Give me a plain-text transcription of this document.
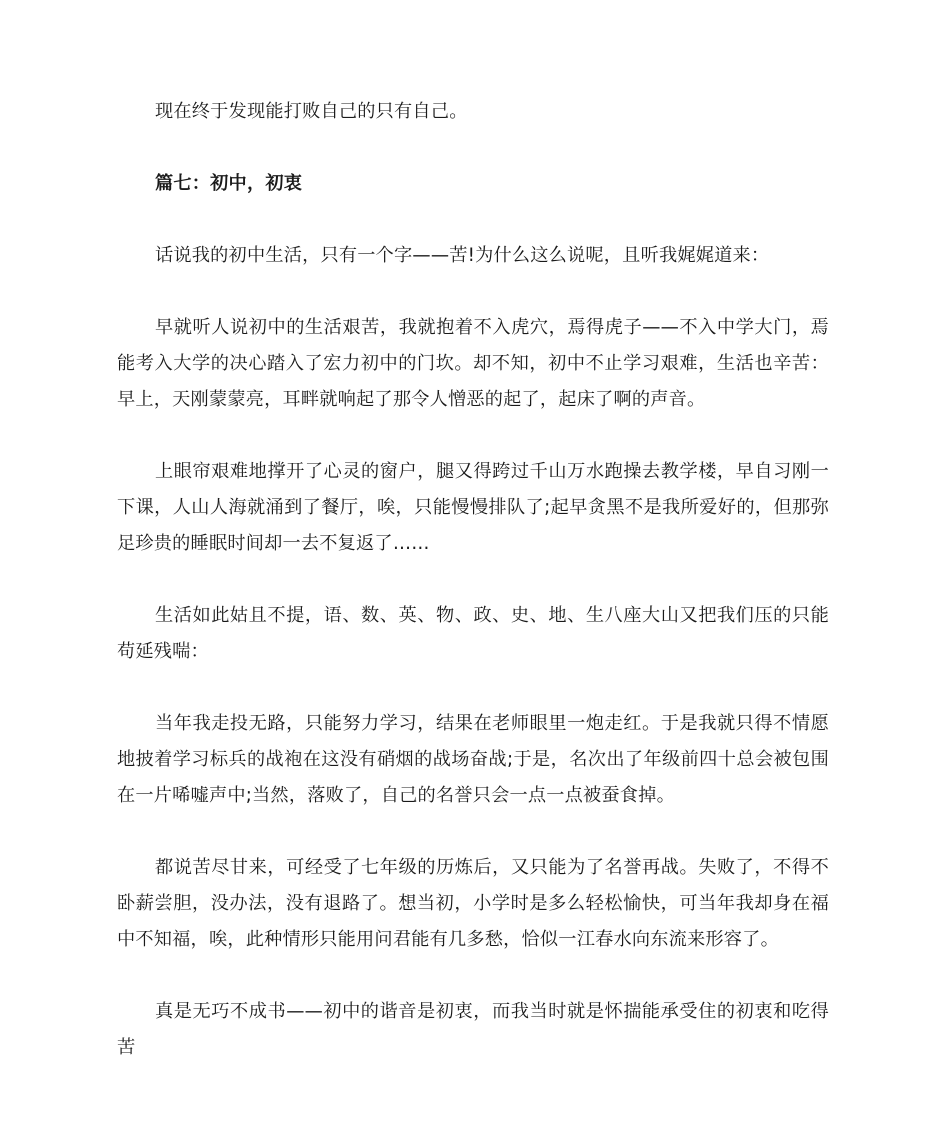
现在终于发现能打败自己的只有自己。

篇七：初中，初衷

话说我的初中生活，只有一个字——苦!为什么这么说呢，且听我娓娓道来：

早就听人说初中的生活艰苦，我就抱着不入虎穴，焉得虎子——不入中学大门，焉能考入大学的决心踏入了宏力初中的门坎。却不知，初中不止学习艰难，生活也辛苦：早上，天刚蒙蒙亮，耳畔就响起了那令人憎恶的起了，起床了啊的声音。

上眼帘艰难地撑开了心灵的窗户，腿又得跨过千山万水跑操去教学楼，早自习刚一下课，人山人海就涌到了餐厅，唉，只能慢慢排队了;起早贪黑不是我所爱好的，但那弥足珍贵的睡眠时间却一去不复返了……

生活如此姑且不提，语、数、英、物、政、史、地、生八座大山又把我们压的只能苟延残喘：

当年我走投无路，只能努力学习，结果在老师眼里一炮走红。于是我就只得不情愿地披着学习标兵的战袍在这没有硝烟的战场奋战;于是，名次出了年级前四十总会被包围在一片唏嘘声中;当然，落败了，自己的名誉只会一点一点被蚕食掉。

都说苦尽甘来，可经受了七年级的历炼后，又只能为了名誉再战。失败了，不得不卧薪尝胆，没办法，没有退路了。想当初，小学时是多么轻松愉快，可当年我却身在福中不知福，唉，此种情形只能用问君能有几多愁，恰似一江春水向东流来形容了。

真是无巧不成书——初中的谐音是初衷，而我当时就是怀揣能承受住的初衷和吃得苦
